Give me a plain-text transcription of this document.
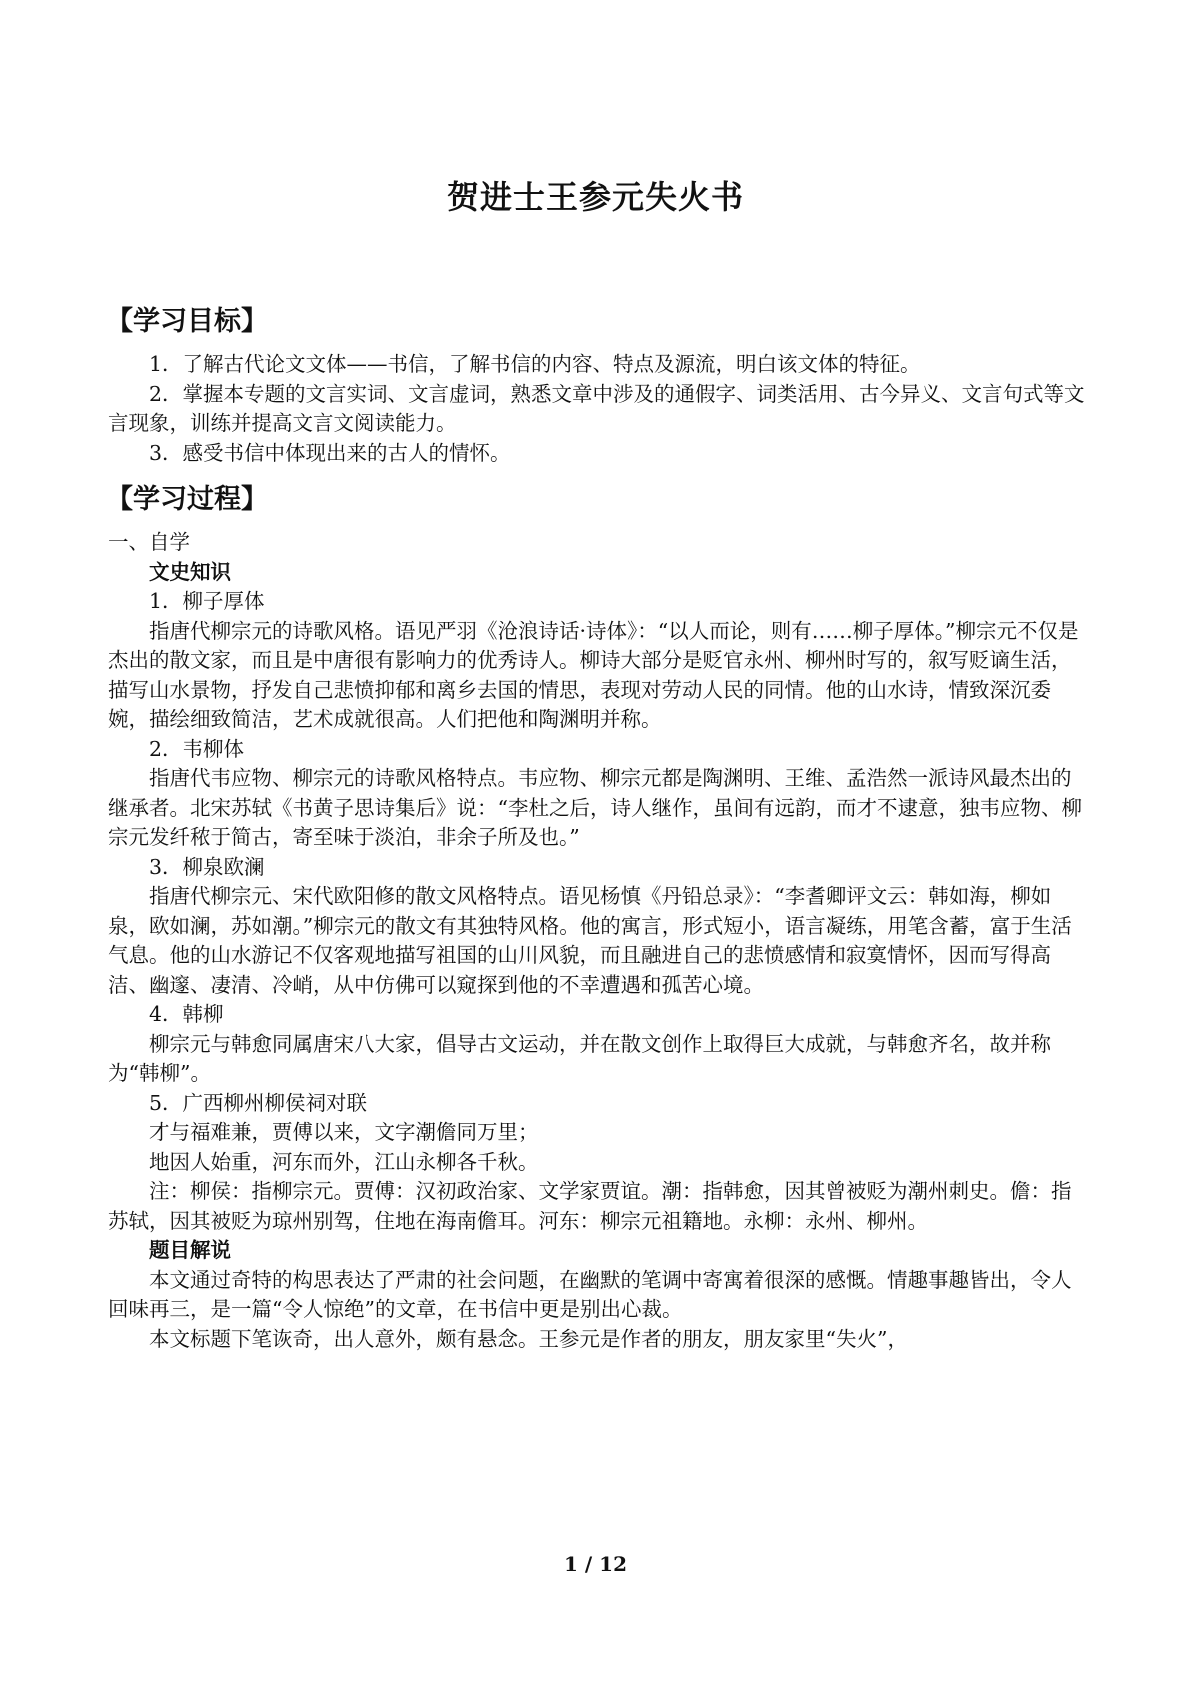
贺进士王参元失火书
【学习目标】

1．了解古代论文文体——书信，了解书信的内容、特点及源流，明白该文体的特征。

2．掌握本专题的文言实词、文言虚词，熟悉文章中涉及的通假字、词类活用、古今异义、文言句式等文言现象，训练并提高文言文阅读能力。

3．感受书信中体现出来的古人的情怀。

【学习过程】

一、自学

文史知识

1．柳子厚体

指唐代柳宗元的诗歌风格。语见严羽《沧浪诗话·诗体》：“以人而论，则有……柳子厚体。”柳宗元不仅是杰出的散文家，而且是中唐很有影响力的优秀诗人。柳诗大部分是贬官永州、柳州时写的，叙写贬谪生活，描写山水景物，抒发自己悲愤抑郁和离乡去国的情思，表现对劳动人民的同情。他的山水诗，情致深沉委婉，描绘细致简洁，艺术成就很高。人们把他和陶渊明并称。

2．韦柳体

指唐代韦应物、柳宗元的诗歌风格特点。韦应物、柳宗元都是陶渊明、王维、孟浩然一派诗风最杰出的继承者。北宋苏轼《书黄子思诗集后》说：“李杜之后，诗人继作，虽间有远韵，而才不逮意，独韦应物、柳宗元发纤秾于简古，寄至味于淡泊，非余子所及也。”

3．柳泉欧澜

指唐代柳宗元、宋代欧阳修的散文风格特点。语见杨慎《丹铅总录》：“李耆卿评文云：韩如海，柳如泉，欧如澜，苏如潮。”柳宗元的散文有其独特风格。他的寓言，形式短小，语言凝练，用笔含蓄，富于生活气息。他的山水游记不仅客观地描写祖国的山川风貌，而且融进自己的悲愤感情和寂寞情怀，因而写得高洁、幽邃、凄清、冷峭，从中仿佛可以窥探到他的不幸遭遇和孤苦心境。

4．韩柳

柳宗元与韩愈同属唐宋八大家，倡导古文运动，并在散文创作上取得巨大成就，与韩愈齐名，故并称为“韩柳”。

5．广西柳州柳侯祠对联

才与福难兼，贾傅以来，文字潮儋同万里；

地因人始重，河东而外，江山永柳各千秋。

注：柳侯：指柳宗元。贾傅：汉初政治家、文学家贾谊。潮：指韩愈，因其曾被贬为潮州刺史。儋：指苏轼，因其被贬为琼州别驾，住地在海南儋耳。河东：柳宗元祖籍地。永柳：永州、柳州。

题目解说

本文通过奇特的构思表达了严肃的社会问题，在幽默的笔调中寄寓着很深的感慨。情趣事趣皆出，令人回味再三，是一篇“令人惊绝”的文章，在书信中更是别出心裁。

本文标题下笔诙奇，出人意外，颇有悬念。王参元是作者的朋友，朋友家里“失火”，

1 / 12
